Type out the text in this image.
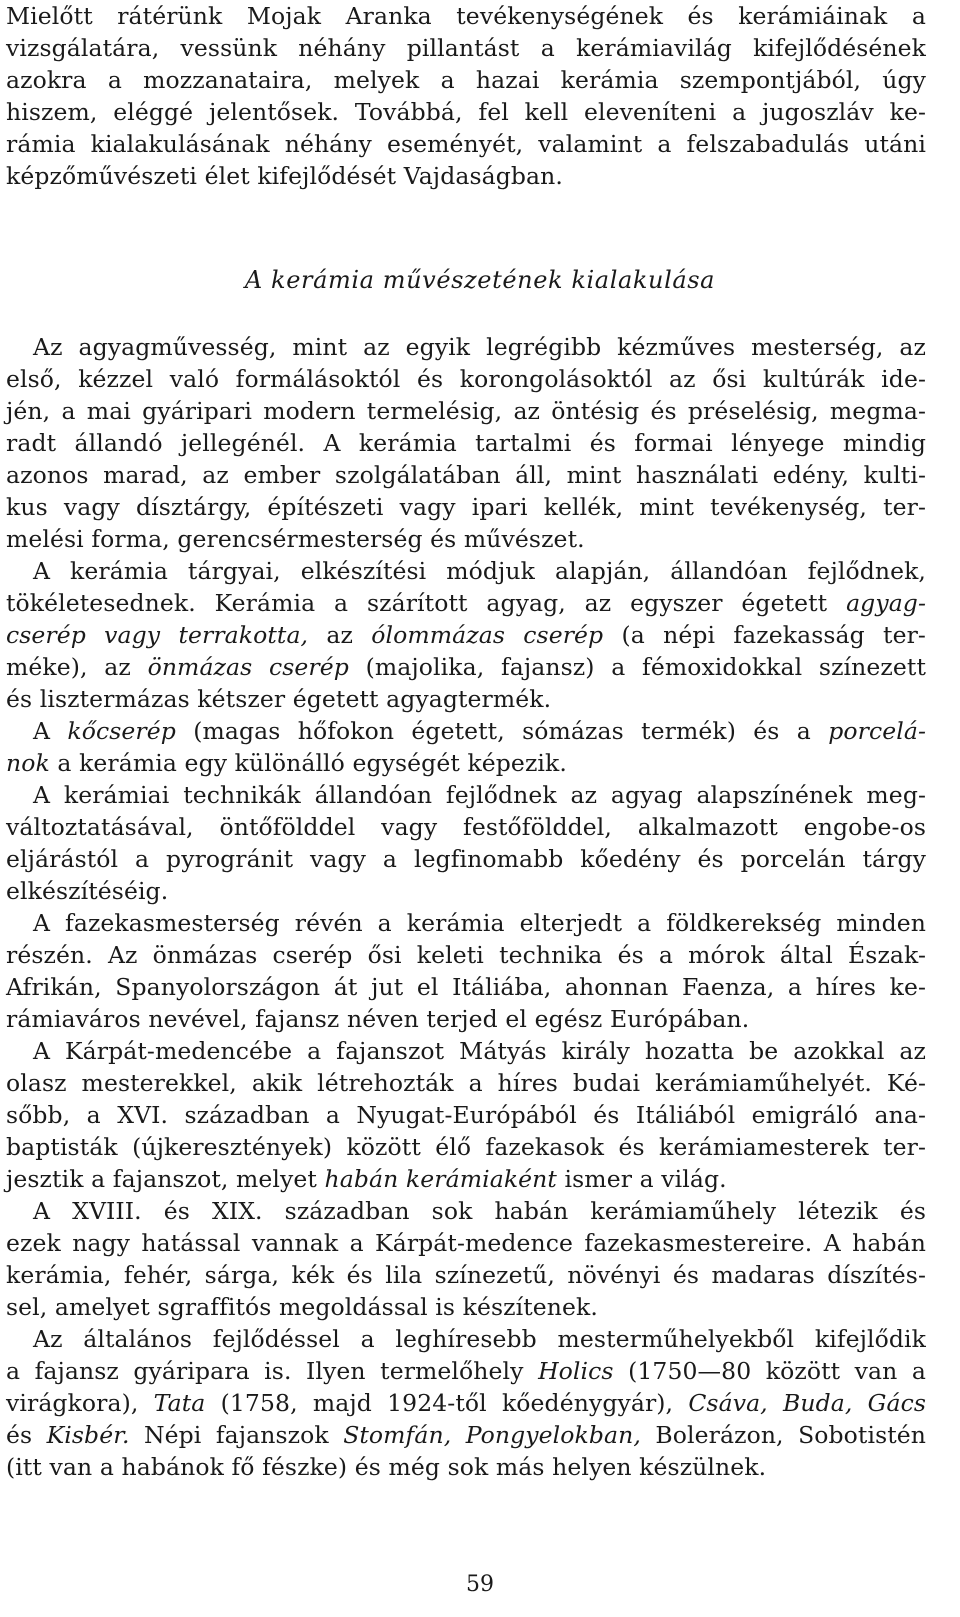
Mielőtt rátérünk Mojak Aranka tevékenységének és kerámiáinak a
vizsgálatára, vessünk néhány pillantást a kerámiavilág kifejlődésének
azokra a mozzanataira, melyek a hazai kerámia szempontjából, úgy
hiszem, eléggé jelentősek. Továbbá, fel kell eleveníteni a jugoszláv ke-
rámia kialakulásának néhány eseményét, valamint a felszabadulás utáni
képzőművészeti élet kifejlődését Vajdaságban.
A kerámia művészetének kialakulása
Az agyagművesség, mint az egyik legrégibb kézműves mesterség, az
első, kézzel való formálásoktól és korongolásoktól az ősi kultúrák ide-
jén, a mai gyáripari modern termelésig, az öntésig és préselésig, megma-
radt állandó jellegénél. A kerámia tartalmi és formai lényege mindig
azonos marad, az ember szolgálatában áll, mint használati edény, kulti-
kus vagy dísztárgy, építészeti vagy ipari kellék, mint tevékenység, ter-
melési forma, gerencsérmesterség és művészet.
A kerámia tárgyai, elkészítési módjuk alapján, állandóan fejlődnek,
tökéletesednek. Kerámia a szárított agyag, az egyszer égetett agyag-
cserép vagy terrakotta, az ólommázas cserép (a népi fazekasság ter-
méke), az önmázas cserép (majolika, fajansz) a fémoxidokkal színezett
és lisztermázas kétszer égetett agyagtermék.
A kőcserép (magas hőfokon égetett, sómázas termék) és a porcelá-
nok a kerámia egy különálló egységét képezik.
A kerámiai technikák állandóan fejlődnek az agyag alapszínének meg-
változtatásával, öntőfölddel vagy festőfölddel, alkalmazott engobe-os
eljárástól a pyrogránit vagy a legfinomabb kőedény és porcelán tárgy
elkészítéséig.
A fazekasmesterség révén a kerámia elterjedt a földkerekség minden
részén. Az önmázas cserép ősi keleti technika és a mórok által Észak-
Afrikán, Spanyolországon át jut el Itáliába, ahonnan Faenza, a híres ke-
rámiaváros nevével, fajansz néven terjed el egész Európában.
A Kárpát-medencébe a fajanszot Mátyás király hozatta be azokkal az
olasz mesterekkel, akik létrehozták a híres budai kerámiaműhelyét. Ké-
sőbb, a XVI. században a Nyugat-Európából és Itáliából emigráló ana-
baptisták (újkeresztények) között élő fazekasok és kerámiamesterek ter-
jesztik a fajanszot, melyet habán kerámiaként ismer a világ.
A XVIII. és XIX. században sok habán kerámiaműhely létezik és
ezek nagy hatással vannak a Kárpát-medence fazekasmestereire. A habán
kerámia, fehér, sárga, kék és lila színezetű, növényi és madaras díszítés-
sel, amelyet sgraffitós megoldással is készítenek.
Az általános fejlődéssel a leghíresebb mesterműhelyekből kifejlődik
a fajansz gyáripara is. Ilyen termelőhely Holics (1750—80 között van a
virágkora), Tata (1758, majd 1924-től kőedénygyár), Csáva, Buda, Gács
és Kisbér. Népi fajanszok Stomfán, Pongyelokban, Bolerázon, Sobotistén
(itt van a habánok fő fészke) és még sok más helyen készülnek.
59
